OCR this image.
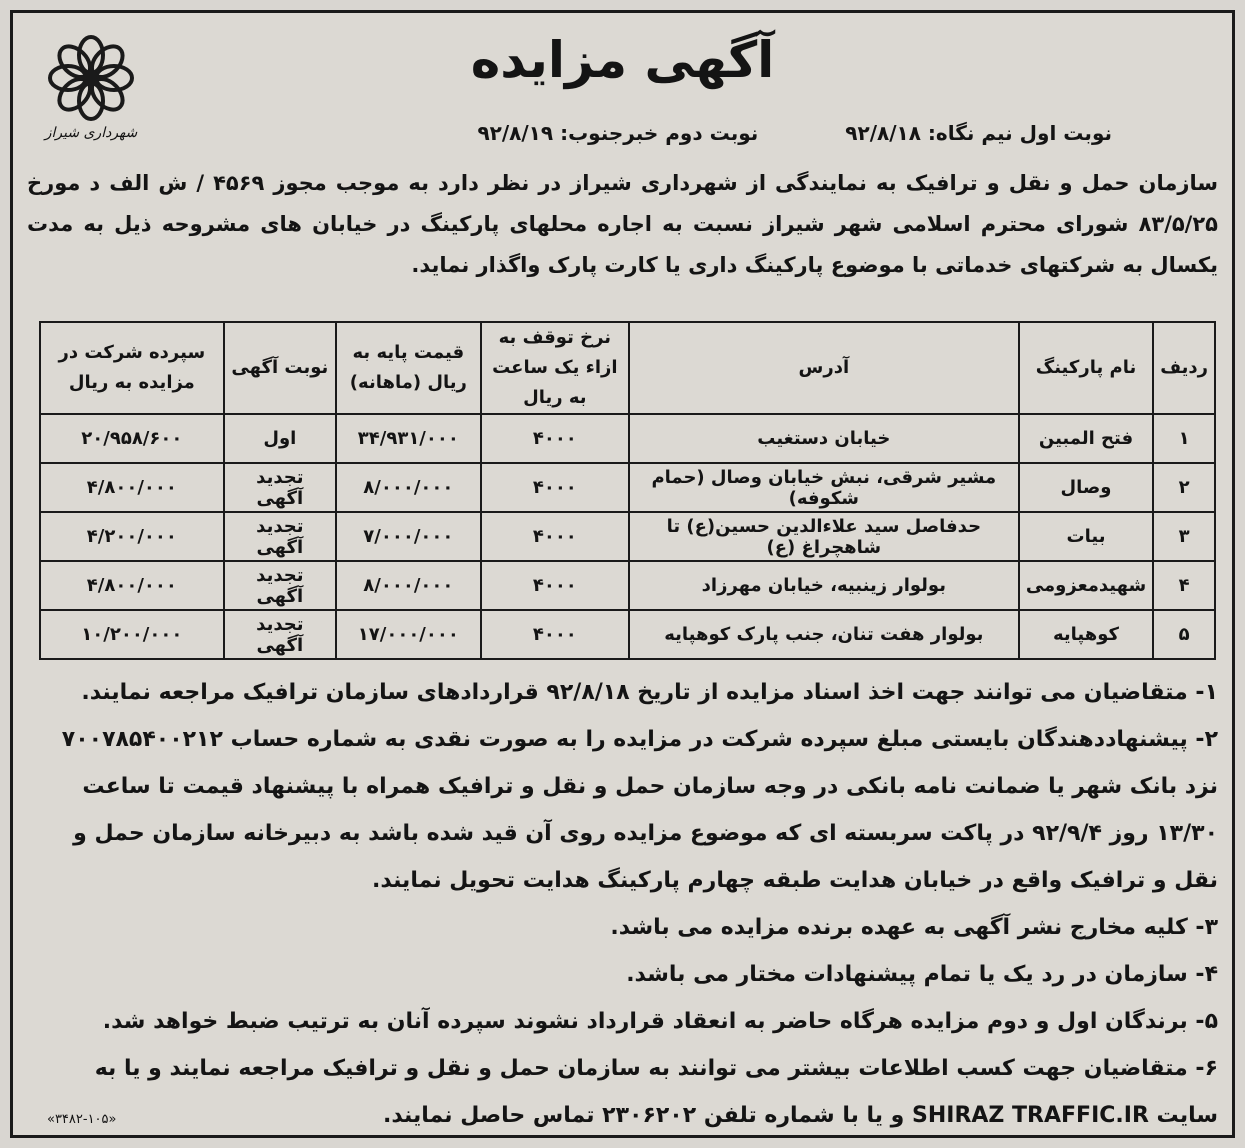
شهرداری شیراز
آگهی مزایده
نوبت اول نیم نگاه: ۹۲/۸/۱۸ نوبت دوم خبرجنوب: ۹۲/۸/۱۹

سازمان حمل و نقل و ترافیک به نمایندگی از شهرداری شیراز در نظر دارد به موجب مجوز ۴۵۶۹ / ش الف د مورخ ۸۳/۵/۲۵ شورای محترم اسلامی شهر شیراز نسبت به اجاره محلهای پارکینگ در خیابان های مشروحه ذیل به مدت یکسال به شرکتهای خدماتی با موضوع پارکینگ داری یا کارت پارک واگذار نماید.

ردیف	نام پارکینگ	آدرس	نرخ توقف به ازاء یک ساعت به ریال	قیمت پایه به ریال (ماهانه)	نوبت آگهی	سپرده شرکت در مزایده به ریال
۱	فتح المبین	خیابان دستغیب	۴۰۰۰	۳۴/۹۳۱/۰۰۰	اول	۲۰/۹۵۸/۶۰۰
۲	وصال	مشیر شرقی، نبش خیابان وصال (حمام شکوفه)	۴۰۰۰	۸/۰۰۰/۰۰۰	تجدید آگهی	۴/۸۰۰/۰۰۰
۳	بیات	حدفاصل سید علاءالدین حسین(ع) تا شاهچراغ (ع)	۴۰۰۰	۷/۰۰۰/۰۰۰	تجدید آگهی	۴/۲۰۰/۰۰۰
۴	شهیدمعزومی	بولوار زینبیه، خیابان مهرزاد	۴۰۰۰	۸/۰۰۰/۰۰۰	تجدید آگهی	۴/۸۰۰/۰۰۰
۵	کوهپایه	بولوار هفت تنان، جنب پارک کوهپایه	۴۰۰۰	۱۷/۰۰۰/۰۰۰	تجدید آگهی	۱۰/۲۰۰/۰۰۰

۱- متقاضیان می توانند جهت اخذ اسناد مزایده از تاریخ ۹۲/۸/۱۸ قراردادهای سازمان ترافیک مراجعه نمایند.

۲- پیشنهاددهندگان بایستی مبلغ سپرده شرکت در مزایده را به صورت نقدی به شماره حساب ۷۰۰۷۸۵۴۰۰۲۱۲ نزد بانک شهر یا ضمانت نامه بانکی در وجه سازمان حمل و نقل و ترافیک همراه با پیشنهاد قیمت تا ساعت ۱۳/۳۰ روز ۹۲/۹/۴ در پاکت سربسته ای که موضوع مزایده روی آن قید شده باشد به دبیرخانه سازمان حمل و نقل و ترافیک واقع در خیابان هدایت طبقه چهارم پارکینگ هدایت تحویل نمایند.

۳- کلیه مخارج نشر آگهی به عهده برنده مزایده می باشد.

۴- سازمان در رد یک یا تمام پیشنهادات مختار می باشد.

۵- برندگان اول و دوم مزایده هرگاه حاضر به انعقاد قرارداد نشوند سپرده آنان به ترتیب ضبط خواهد شد.

۶- متقاضیان جهت کسب اطلاعات بیشتر می توانند به سازمان حمل و نقل و ترافیک مراجعه نمایند و یا به سایت SHIRAZ TRAFFIC.IR و یا با شماره تلفن ۲۳۰۶۲۰۲ تماس حاصل نمایند.

«۳۴۸۲-۱۰۵»
